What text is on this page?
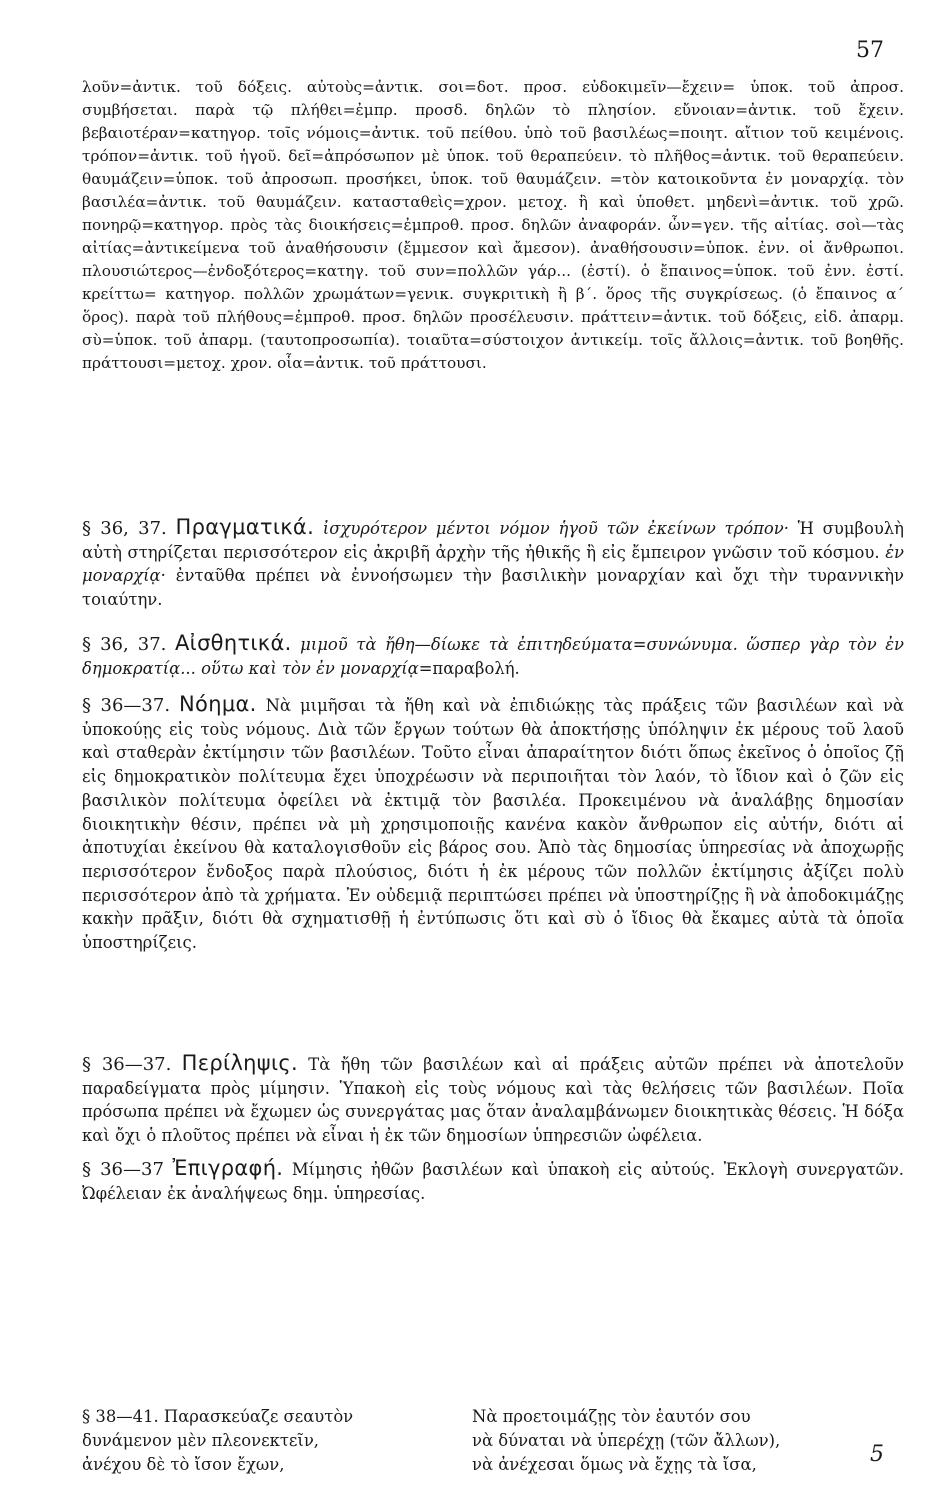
57

λοῦν=ἀντικ. τοῦ δόξεις. αὐτοὺς=ἀντικ. σοι=δοτ. προσ. εὐδοκιμεῖν—ἔχειν= ὑποκ. τοῦ ἀπροσ. συμβήσεται. παρὰ τῷ πλήθει=ἐμπρ. προσδ. δηλῶν τὸ πλησίον. εὔνοιαν=ἀντικ. τοῦ ἔχειν. βεβαιοτέραν=κατηγορ. τοῖς νόμοις=ἀντικ. τοῦ πείθου. ὑπὸ τοῦ βασιλέως=ποιητ. αἴτιον τοῦ κειμένοις. τρόπον=ἀντικ. τοῦ ἡγοῦ. δεῖ=ἀπρόσωπον μὲ ὑποκ. τοῦ θεραπεύειν. τὸ πλῆθος=ἀντικ. τοῦ θεραπεύειν. θαυμάζειν=ὑποκ. τοῦ ἀπροσωπ. προσήκει, ὑποκ. τοῦ θαυμάζειν. =τὸν κατοικοῦντα ἐν μοναρχίᾳ. τὸν βασιλέα=ἀντικ. τοῦ θαυμάζειν. κατασταθεὶς=χρον. μετοχ. ἢ καὶ ὑποθετ. μηδενὶ=ἀντικ. τοῦ χρῶ. πονηρῷ=κατηγορ. πρὸς τὰς διοικήσεις=ἐμπροθ. προσ. δηλῶν ἀναφοράν. ὧν=γεν. τῆς αἰτίας. σοὶ—τὰς αἰτίας=ἀντικείμενα τοῦ ἀναθήσουσιν (ἔμμεσον καὶ ἄμεσον). ἀναθήσουσιν=ὑποκ. ἐνν. οἱ ἄνθρωποι. πλουσιώτερος—ἐνδοξότερος=κατηγ. τοῦ συν=πολλῶν γάρ... (ἐστί). ὁ ἔπαινος=ὑποκ. τοῦ ἐνν. ἐστί. κρείττω= κατηγορ. πολλῶν χρωμάτων=γενικ. συγκριτικὴ ἢ β΄. ὅρος τῆς συγκρίσεως. (ὁ ἔπαινος α΄ ὅρος). παρὰ τοῦ πλήθους=ἐμπροθ. προσ. δηλῶν προσέλευσιν. πράττειν=ἀντικ. τοῦ δόξεις, εἰδ. ἀπαρμ. σὺ=ὑποκ. τοῦ ἀπαρμ. (ταυτοπροσωπία). τοιαῦτα=σύστοιχον ἀντικείμ. τοῖς ἄλλοις=ἀντικ. τοῦ βοηθῆς. πράττουσι=μετοχ. χρον. οἷα=ἀντικ. τοῦ πράττουσι.

§ 36, 37. Πραγματικά. ἰσχυρότερον μέντοι νόμον ἡγοῦ τῶν ἐκείνων τρόπον· Ἡ συμβουλὴ αὐτὴ στηρίζεται περισσότερον εἰς ἀκριβῆ ἀρχὴν τῆς ἠθικῆς ἢ εἰς ἔμπειρον γνῶσιν τοῦ κόσμου. ἐν μοναρχίᾳ· ἐνταῦθα πρέπει νὰ ἐννοήσωμεν τὴν βασιλικὴν μοναρχίαν καὶ ὄχι τὴν τυραννικὴν τοιαύτην.

§ 36, 37. Αἰσθητικά. μιμοῦ τὰ ἤθη—δίωκε τὰ ἐπιτηδεύματα=συνώνυμα. ὥσπερ γὰρ τὸν ἐν δημοκρατίᾳ... οὕτω καὶ τὸν ἐν μοναρχίᾳ=παραβολή.

§ 36—37. Νόημα. Νὰ μιμῆσαι τὰ ἤθη καὶ νὰ ἐπιδιώκῃς τὰς πράξεις τῶν βασιλέων καὶ νὰ ὑποκούῃς εἰς τοὺς νόμους. Διὰ τῶν ἔργων τούτων θὰ ἀποκτήσῃς ὑπόληψιν ἐκ μέρους τοῦ λαοῦ καὶ σταθερὰν ἐκτίμησιν τῶν βασιλέων. Τοῦτο εἶναι ἀπαραίτητον διότι ὅπως ἐκεῖνος ὁ ὁποῖος ζῇ εἰς δημοκρατικὸν πολίτευμα ἔχει ὑποχρέωσιν νὰ περιποιῆται τὸν λαόν, τὸ ἴδιον καὶ ὁ ζῶν εἰς βασιλικὸν πολίτευμα ὀφείλει νὰ ἐκτιμᾷ τὸν βασιλέα. Προκειμένου νὰ ἀναλάβῃς δημοσίαν διοικητικὴν θέσιν, πρέπει νὰ μὴ χρησιμοποιῇς κανένα κακὸν ἄνθρωπον εἰς αὐτήν, διότι αἱ ἀποτυχίαι ἐκείνου θὰ καταλογισθοῦν εἰς βάρος σου. Ἀπὸ τὰς δημοσίας ὑπηρεσίας νὰ ἀποχωρῇς περισσότερον ἔνδοξος παρὰ πλούσιος, διότι ἡ ἐκ μέρους τῶν πολλῶν ἐκτίμησις ἀξίζει πολὺ περισσότερον ἀπὸ τὰ χρήματα. Ἐν οὐδεμιᾷ περιπτώσει πρέπει νὰ ὑποστηρίζῃς ἢ νὰ ἀποδοκιμάζῃς κακὴν πρᾶξιν, διότι θὰ σχηματισθῇ ἡ ἐντύπωσις ὅτι καὶ σὺ ὁ ἴδιος θὰ ἔκαμες αὐτὰ τὰ ὁποῖα ὑποστηρίζεις.

§ 36—37. Περίληψις. Τὰ ἤθη τῶν βασιλέων καὶ αἱ πράξεις αὐτῶν πρέπει νὰ ἀποτελοῦν παραδείγματα πρὸς μίμησιν. Ὑπακοὴ εἰς τοὺς νόμους καὶ τὰς θελήσεις τῶν βασιλέων. Ποῖα πρόσωπα πρέπει νὰ ἔχωμεν ὡς συνεργάτας μας ὅταν ἀναλαμβάνωμεν διοικητικὰς θέσεις. Ἡ δόξα καὶ ὄχι ὁ πλοῦτος πρέπει νὰ εἶναι ἡ ἐκ τῶν δημοσίων ὑπηρεσιῶν ὠφέλεια.

§ 36—37 Ἐπιγραφή. Μίμησις ἠθῶν βασιλέων καὶ ὑπακοὴ εἰς αὐτούς. Ἐκλογὴ συνεργατῶν. Ὠφέλειαν ἐκ ἀναλήψεως δημ. ὑπηρεσίας.

§ 38—41. Παρασκεύαζε σεαυτὸν
δυνάμενον μὲν πλεονεκτεῖν,
ἀνέχου δὲ τὸ ἴσον ἔχων,
Νὰ προετοιμάζῃς τὸν ἑαυτόν σου
νὰ δύναται νὰ ὑπερέχῃ (τῶν ἄλλων),
νὰ ἀνέχεσαι ὅμως νὰ ἔχῃς τὰ ἴσα,	5
